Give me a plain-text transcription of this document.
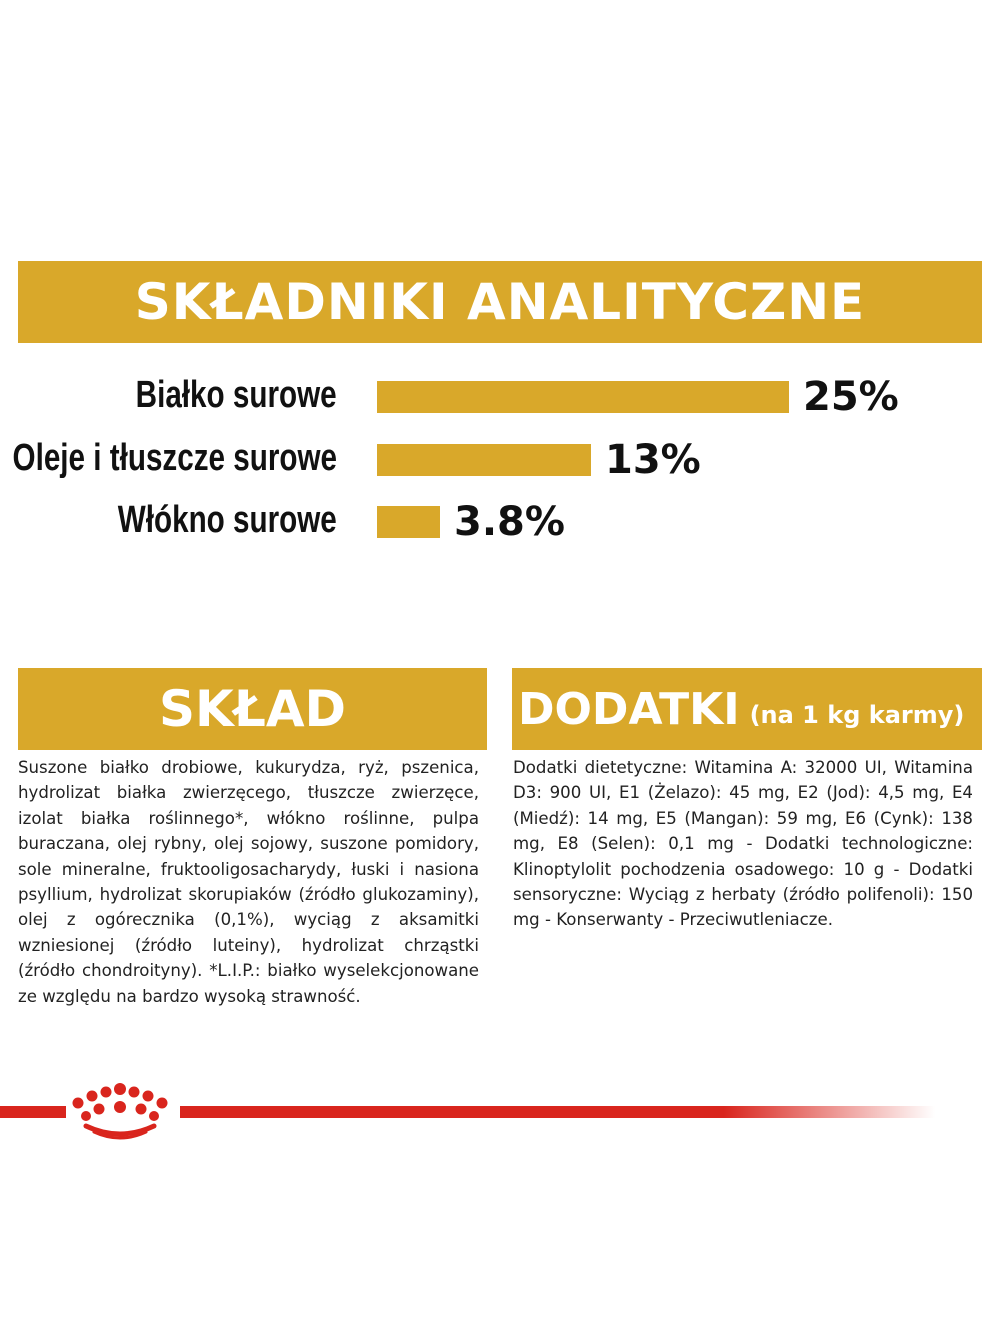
SKŁADNIKI ANALITYCZNE
Białko surowe	25%
Oleje i tłuszcze surowe	13%
Włókno surowe	3.8%
SKŁAD

Suszone białko drobiowe, kukurydza, ryż, pszenica, hydrolizat białka zwierzęcego, tłuszcze zwierzęce, izolat białka roślinnego*, włókno roślinne, pulpa buraczana, olej rybny, olej sojowy, suszone pomidory, sole mineralne, fruktooligosacharydy, łuski i nasiona psyllium, hydrolizat skorupiaków (źródło glukozaminy), olej z ogórecznika (0,1%), wyciąg z aksamitki wzniesionej (źródło luteiny), hydrolizat chrząstki (źródło chondroityny). *L.I.P.: białko wyselekcjonowane ze względu na bardzo wysoką strawność.

DODATKI (na 1 kg karmy)

Dodatki dietetyczne: Witamina A: 32000 UI, Witamina D3: 900 UI, E1 (Żelazo): 45 mg, E2 (Jod): 4,5 mg, E4 (Miedź): 14 mg, E5 (Mangan): 59 mg, E6 (Cynk): 138 mg, E8 (Selen): 0,1 mg - Dodatki technologiczne: Klinoptylolit pochodzenia osadowego: 10 g - Dodatki sensoryczne: Wyciąg z herbaty (źródło polifenoli): 150 mg - Konserwanty - Przeciwutleniacze.
